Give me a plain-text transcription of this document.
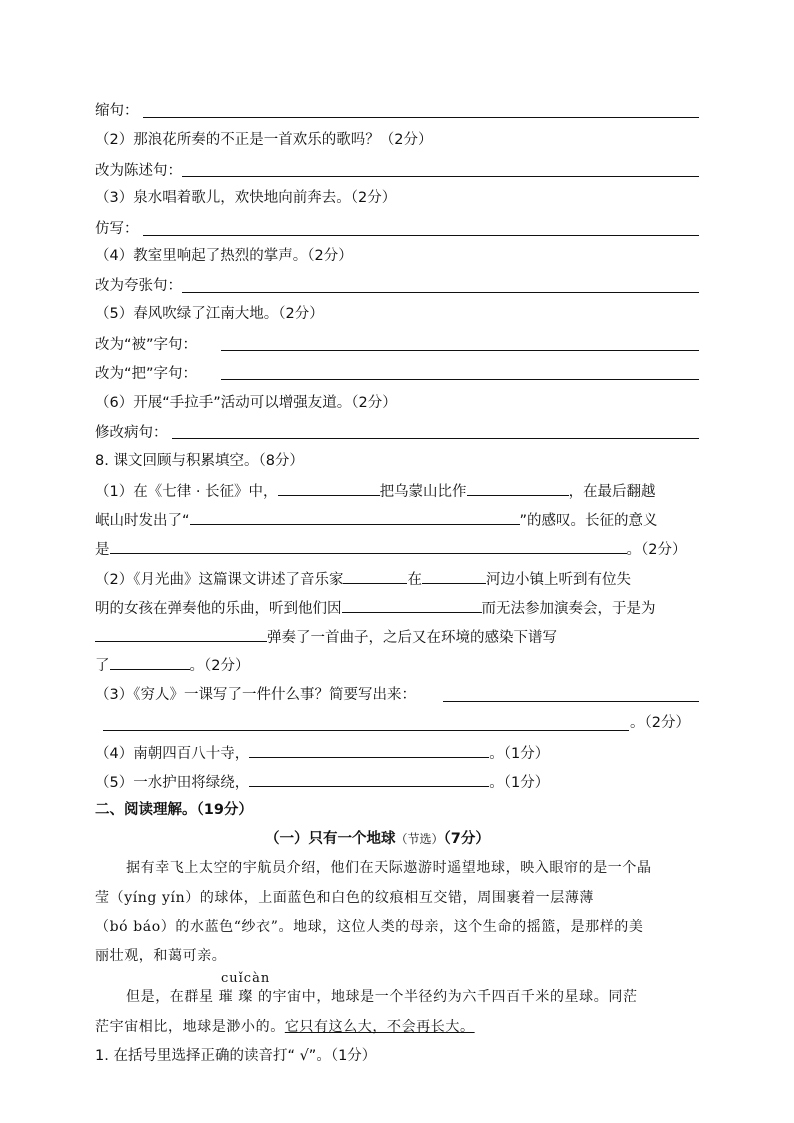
缩句：
（2）那浪花所奏的不正是一首欢乐的歌吗？（2分）
改为陈述句：
（3）泉水唱着歌儿，欢快地向前奔去。（2分）
仿写：
（4）教室里响起了热烈的掌声。（2分）
改为夸张句：
（5）春风吹绿了江南大地。（2分）
改为“被”字句：
改为“把”字句：
（6）开展“手拉手”活动可以增强友道。（2分）
修改病句：
8. 课文回顾与积累填空。（8分）
（1）在《七律 · 长征》中，	把乌蒙山比作	，在最后翻越
岷山时发出了“	”的感叹。长征的意义
是	。（2分）
（2）《月光曲》这篇课文讲述了音乐家	在	河边小镇上听到有位失
明的女孩在弹奏他的乐曲，听到他们因	而无法参加演奏会，于是为
弹奏了一首曲子，之后又在环境的感染下谱写
了	。（2分）
（3）《穷人》一课写了一件什么事？简要写出来：
。（2分）
（4）南朝四百八十寺，	。（1分）
（5）一水护田将绿绕，	。（1分）
二、阅读理解。（19分）
（一）只有一个地球（节选）（7分）
据有幸飞上太空的宇航员介绍，他们在天际遨游时遥望地球，映入眼帘的是一个晶
莹（yíng yín）的球体，上面蓝色和白色的纹痕相互交错，周围裹着一层薄薄
（bó báo）的水蓝色“纱衣”。地球，这位人类的母亲，这个生命的摇篮，是那样的美
丽壮观，和蔼可亲。
cuǐcàn
但是，在群星 璀 璨 的宇宙中，地球是一个半径约为六千四百千米的星球。同茫
茫宇宙相比，地球是渺小的。它只有这么大，不会再长大。
1. 在括号里选择正确的读音打“ √”。（1分）
